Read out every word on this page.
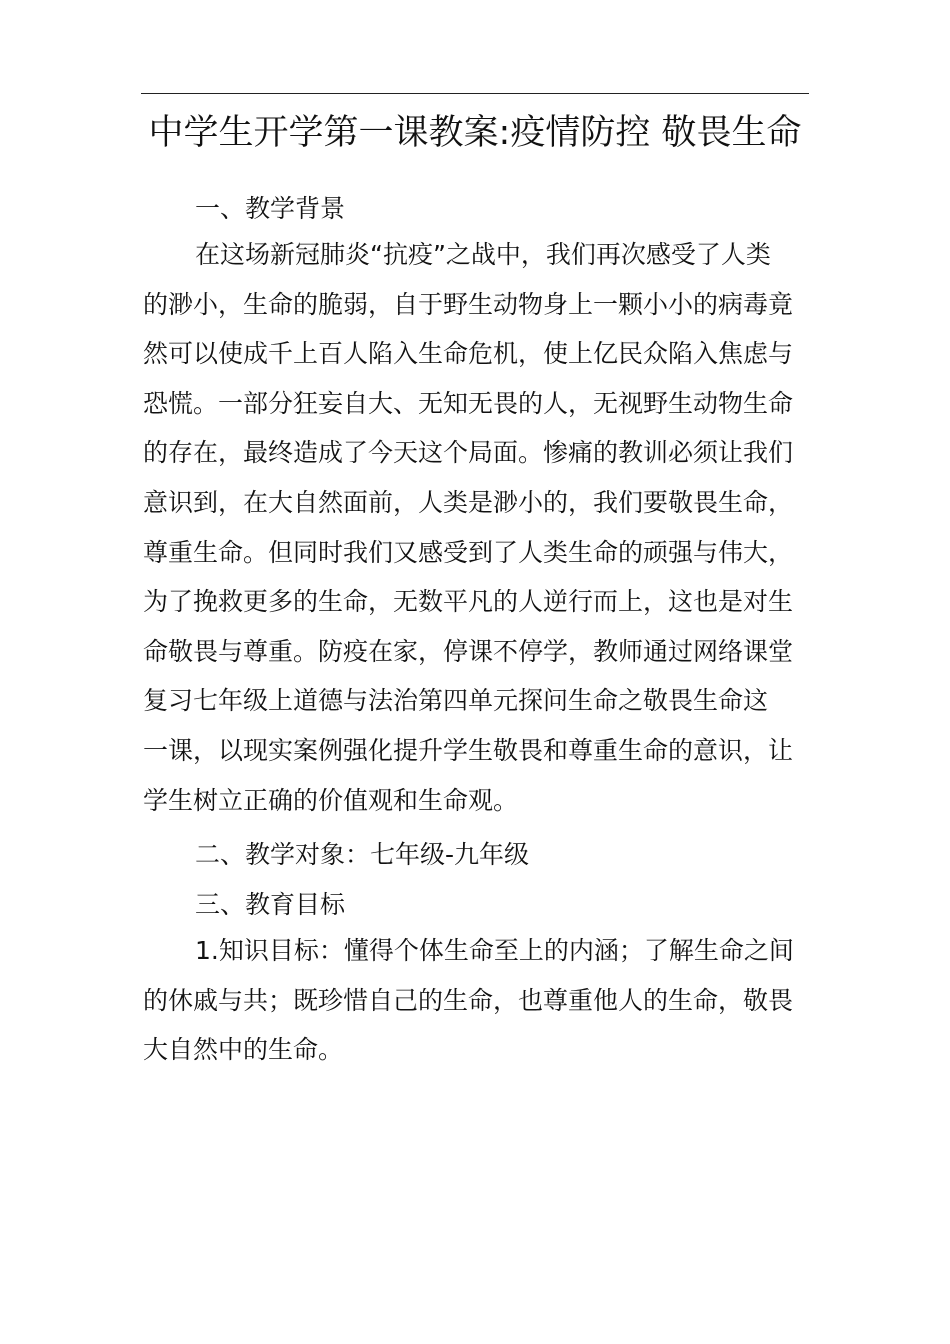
中学生开学第一课教案:疫情防控 敬畏生命
一、教学背景
在这场新冠肺炎“抗疫”之战中，我们再次感受了人类
的渺小，生命的脆弱，自于野生动物身上一颗小小的病毒竟
然可以使成千上百人陷入生命危机，使上亿民众陷入焦虑与
恐慌。一部分狂妄自大、无知无畏的人，无视野生动物生命
的存在，最终造成了今天这个局面。惨痛的教训必须让我们
意识到，在大自然面前，人类是渺小的，我们要敬畏生命，
尊重生命。但同时我们又感受到了人类生命的顽强与伟大，
为了挽救更多的生命，无数平凡的人逆行而上，这也是对生
命敬畏与尊重。防疫在家，停课不停学，教师通过网络课堂
复习七年级上道德与法治第四单元探问生命之敬畏生命这
一课，以现实案例强化提升学生敬畏和尊重生命的意识，让
学生树立正确的价值观和生命观。
二、教学对象：七年级-九年级
三、教育目标
1.知识目标：懂得个体生命至上的内涵；了解生命之间
的休戚与共；既珍惜自己的生命，也尊重他人的生命，敬畏
大自然中的生命。
